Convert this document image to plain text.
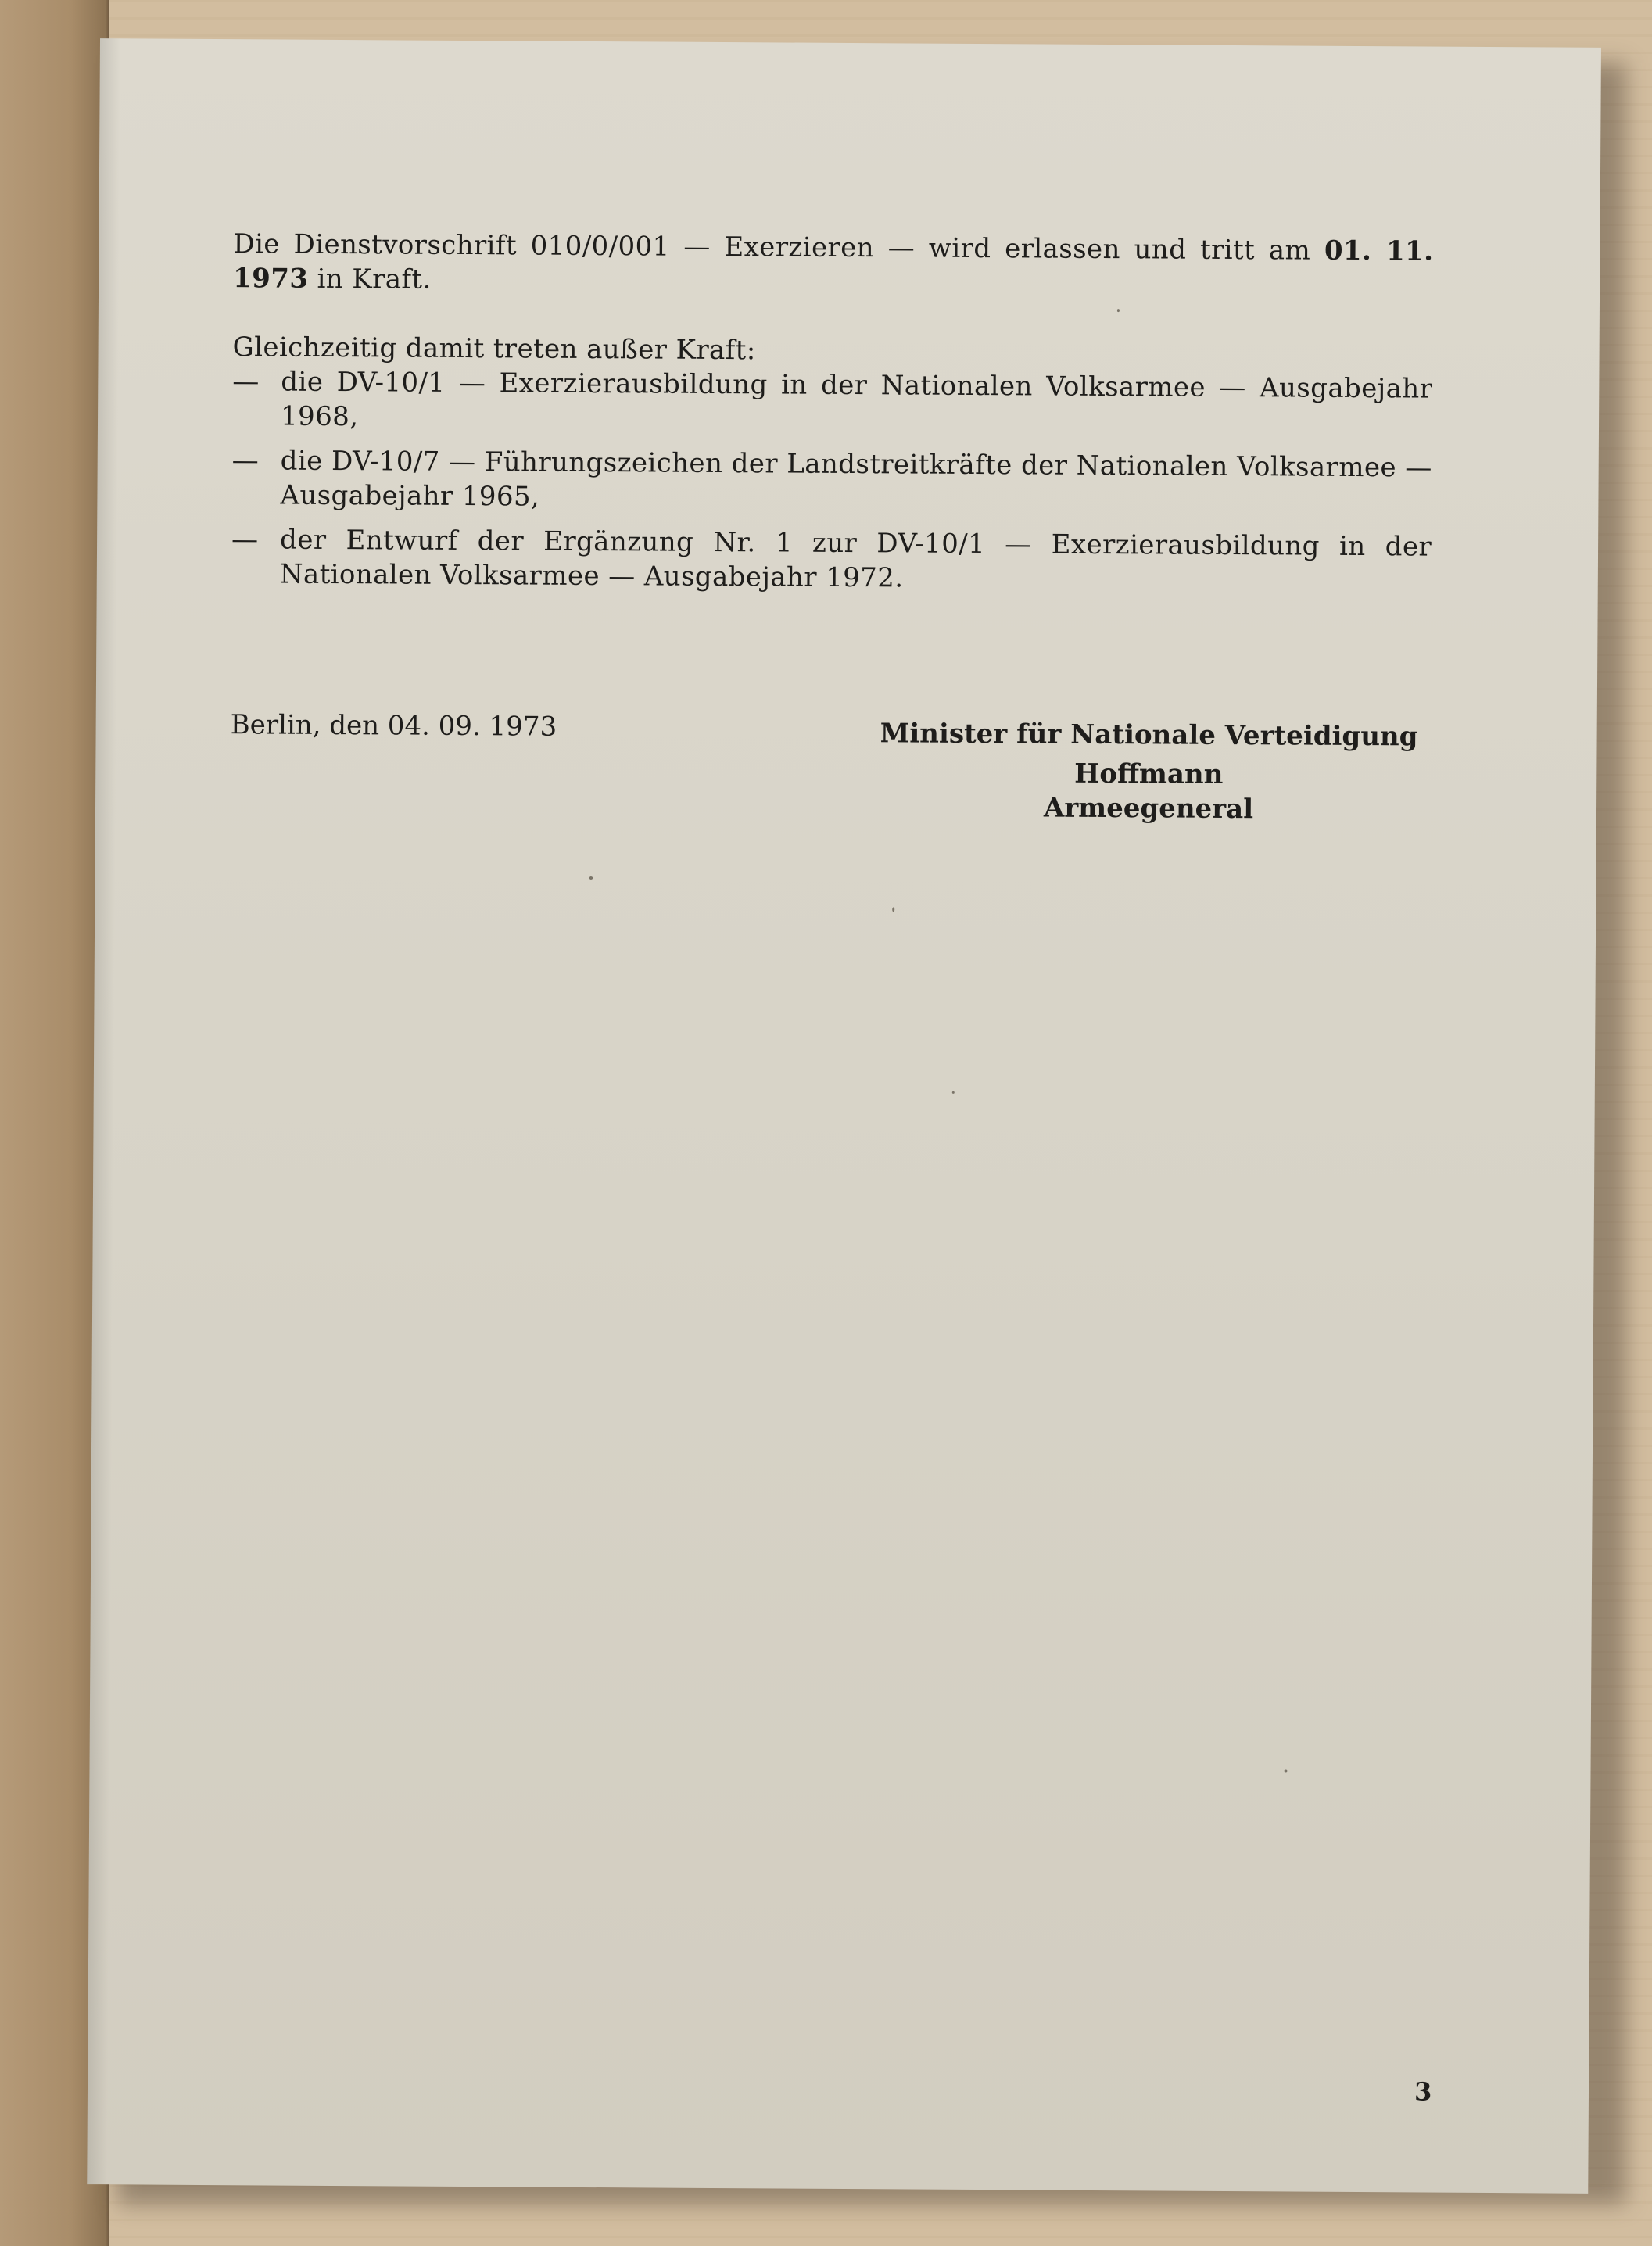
Die Dienstvorschrift 010/0/001 — Exerzieren — wird erlassen und tritt am 01. 11. 1973 in Kraft.

Gleichzeitig damit treten außer Kraft:

— die DV-10/1 — Exerzierausbildung in der Nationalen Volksarmee — Ausgabejahr 1968,
— die DV-10/7 — Führungszeichen der Landstreitkräfte der Nationalen Volksarmee — Ausgabejahr 1965,
— der Entwurf der Ergänzung Nr. 1 zur DV-10/1 — Exerzierausbildung in der Nationalen Volksarmee — Ausgabejahr 1972.
Berlin, den 04. 09. 1973	Minister für Nationale Verteidigung
Hoffmann
Armeegeneral
3
